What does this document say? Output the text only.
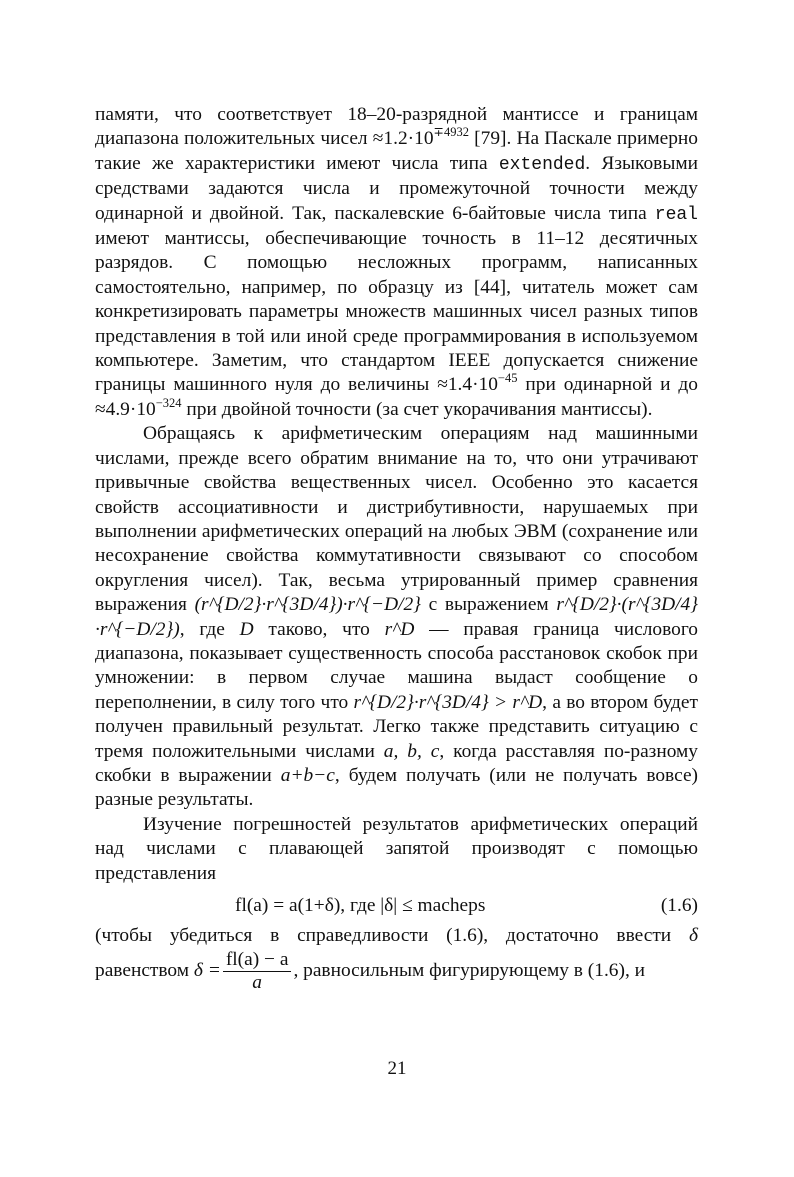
памяти, что соответствует 18–20-разрядной мантиссе и границам диапазона положительных чисел $\approx 1.2\cdot 10^{\mp 4932}$ [79]. На Паскале примерно такие же характеристики имеют числа типа extended. Языковыми средствами задаются числа и промежуточной точности между одинарной и двойной. Так, паскалевские 6-байтовые числа типа real имеют мантиссы, обеспечивающие точность в 11–12 десятичных разрядов. С помощью несложных программ, написанных самостоятельно, например, по образцу из [44], читатель может сам конкретизировать параметры множеств машинных чисел разных типов представления в той или иной среде программирования в используемом компьютере. Заметим, что стандартом IEEE допускается снижение границы машинного нуля до величины $\approx 1.4\cdot 10^{-45}$ при одинарной и до $\approx 4.9\cdot 10^{-324}$ при двойной точности (за счет укорачивания мантиссы).

Обращаясь к арифметическим операциям над машинными числами, прежде всего обратим внимание на то, что они утрачивают привычные свойства вещественных чисел. Особенно это касается свойств ассоциативности и дистрибутивности, нарушаемых при выполнении арифметических операций на любых ЭВМ (сохранение или несохранение свойства коммутативности связывают со способом округления чисел). Так, весьма утрированный пример сравнения выражения (r^{D/2}·r^{3D/4})·r^{−D/2} с выражением r^{D/2}·(r^{3D/4}·r^{−D/2}), где D таково, что r^D — правая граница числового диапазона, показывает существенность способа расстановок скобок при умножении: в первом случае машина выдаст сообщение о переполнении, в силу того что r^{D/2}·r^{3D/4} > r^D, а во втором будет получен правильный результат. Легко также представить ситуацию с тремя положительными числами a, b, c, когда расставляя по-разному скобки в выражении a+b−c, будем получать (или не получать вовсе) разные результаты.

Изучение погрешностей результатов арифметических операций над числами с плавающей запятой производят с помощью представления

fl(a) = a(1+δ), где |δ| ≤ macheps	(1.6)

(чтобы убедиться в справедливости (1.6), достаточно ввести δ равенством $\delta = \frac{fl(a) - a}{a}$ , равносильным фигурирующему в (1.6), и

21
